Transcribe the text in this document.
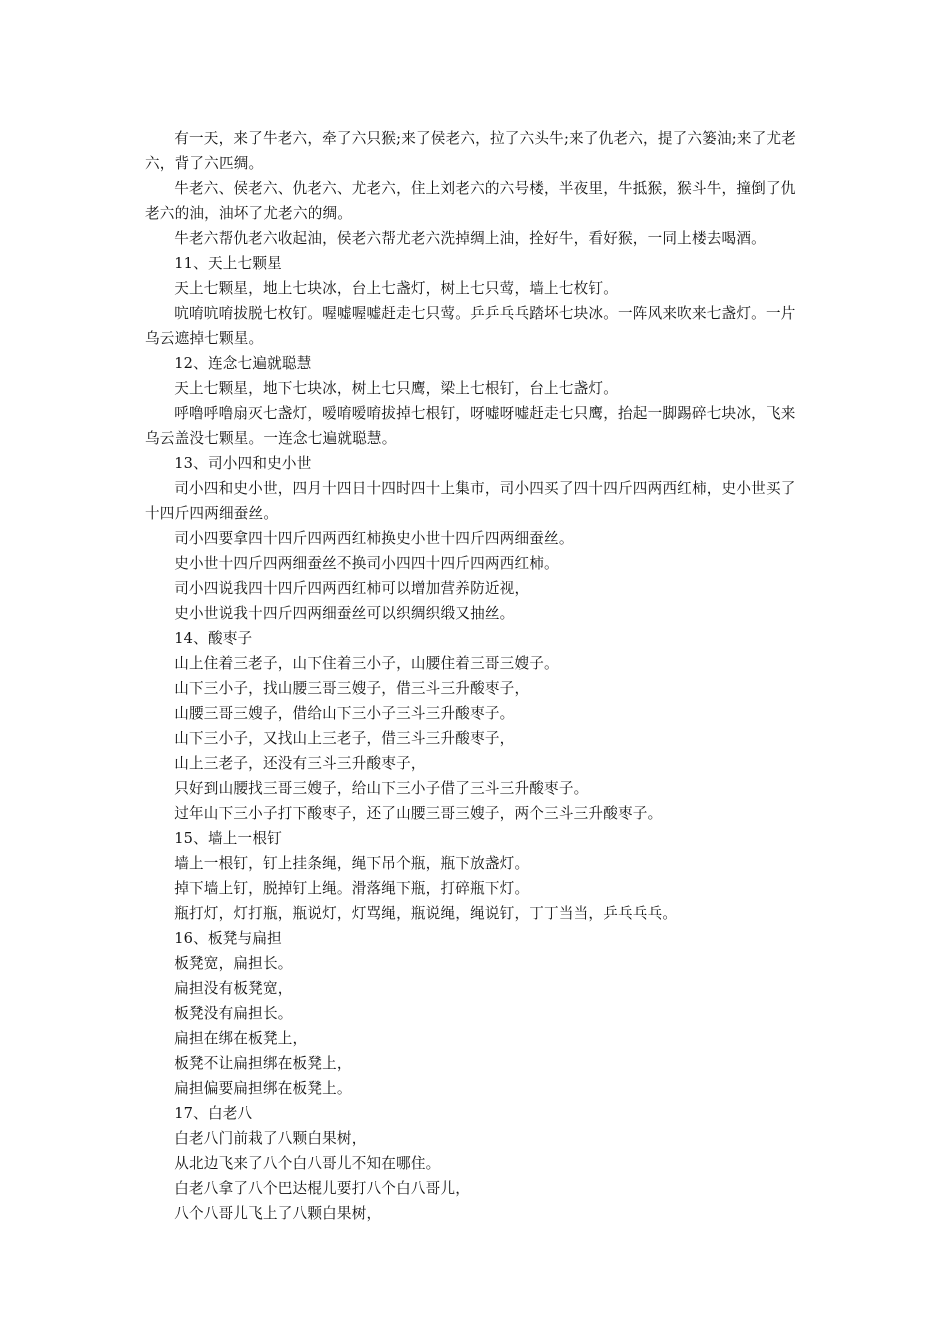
有一天，来了牛老六，牵了六只猴;来了侯老六，拉了六头牛;来了仇老六，提了六篓油;来了尤老六，背了六匹绸。

牛老六、侯老六、仇老六、尤老六，住上刘老六的六号楼，半夜里，牛抵猴，猴斗牛，撞倒了仇老六的油，油坏了尤老六的绸。

牛老六帮仇老六收起油，侯老六帮尤老六洗掉绸上油，拴好牛，看好猴，一同上楼去喝酒。

11、天上七颗星

天上七颗星，地上七块冰，台上七盏灯，树上七只莺，墙上七枚钉。

吭唷吭唷拔脱七枚钉。喔嘘喔嘘赶走七只莺。乒乒乓乓踏坏七块冰。一阵风来吹来七盏灯。一片乌云遮掉七颗星。

12、连念七遍就聪慧

天上七颗星，地下七块冰，树上七只鹰，梁上七根钉，台上七盏灯。

呼噜呼噜扇灭七盏灯，嗳唷嗳唷拔掉七根钉，呀嘘呀嘘赶走七只鹰，抬起一脚踢碎七块冰，飞来乌云盖没七颗星。一连念七遍就聪慧。

13、司小四和史小世

司小四和史小世，四月十四日十四时四十上集市，司小四买了四十四斤四两西红柿，史小世买了十四斤四两细蚕丝。

司小四要拿四十四斤四两西红柿换史小世十四斤四两细蚕丝。

史小世十四斤四两细蚕丝不换司小四四十四斤四两西红柿。

司小四说我四十四斤四两西红柿可以增加营养防近视，

史小世说我十四斤四两细蚕丝可以织绸织缎又抽丝。

14、酸枣子

山上住着三老子，山下住着三小子，山腰住着三哥三嫂子。

山下三小子，找山腰三哥三嫂子，借三斗三升酸枣子，

山腰三哥三嫂子，借给山下三小子三斗三升酸枣子。

山下三小子，又找山上三老子，借三斗三升酸枣子，

山上三老子，还没有三斗三升酸枣子，

只好到山腰找三哥三嫂子，给山下三小子借了三斗三升酸枣子。

过年山下三小子打下酸枣子，还了山腰三哥三嫂子，两个三斗三升酸枣子。

15、墙上一根钉

墙上一根钉，钉上挂条绳，绳下吊个瓶，瓶下放盏灯。

掉下墙上钉，脱掉钉上绳。滑落绳下瓶，打碎瓶下灯。

瓶打灯，灯打瓶，瓶说灯，灯骂绳，瓶说绳，绳说钉，丁丁当当，乒乓乓乓。

16、板凳与扁担

板凳宽，扁担长。

扁担没有板凳宽，

板凳没有扁担长。

扁担在绑在板凳上，

板凳不让扁担绑在板凳上，

扁担偏要扁担绑在板凳上。

17、白老八

白老八门前栽了八颗白果树，

从北边飞来了八个白八哥儿不知在哪住。

白老八拿了八个巴达棍儿要打八个白八哥儿，

八个八哥儿飞上了八颗白果树，
